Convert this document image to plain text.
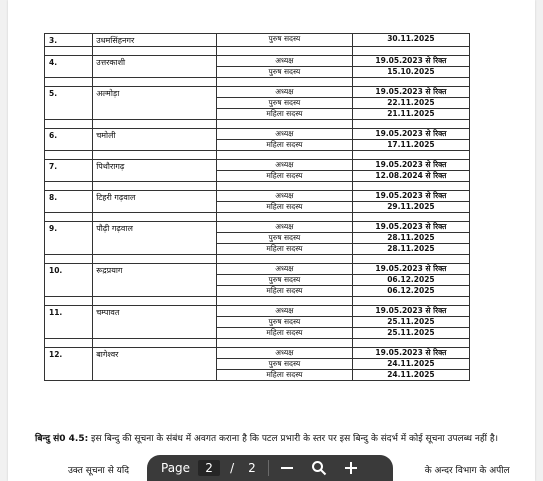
3.	उधमसिंहनगर	पुरुष सदस्य	30.11.2025

4.	उत्तरकाशी	अध्यक्ष	19.05.2023 से रिक्त
		पुरुष सदस्य	15.10.2025

5.	अल्मोड़ा	अध्यक्ष	19.05.2023 से रिक्त
		पुरुष सदस्य	22.11.2025
		महिला सदस्य	21.11.2025

6.	चमोली	अध्यक्ष	19.05.2023 से रिक्त
		महिला सदस्य	17.11.2025

7.	पिथौरागढ़	अध्यक्ष	19.05.2023 से रिक्त
		महिला सदस्य	12.08.2024 से रिक्त

8.	टिहरी गढ़वाल	अध्यक्ष	19.05.2023 से रिक्त
		महिला सदस्य	29.11.2025

9.	पौढ़ी गढ़वाल	अध्यक्ष	19.05.2023 से रिक्त
		पुरुष सदस्य	28.11.2025
		महिला सदस्य	28.11.2025

10.	रूद्रप्रयाग	अध्यक्ष	19.05.2023 से रिक्त
		पुरुष सदस्य	06.12.2025
		महिला सदस्य	06.12.2025

11.	चम्पावत	अध्यक्ष	19.05.2023 से रिक्त
		पुरुष सदस्य	25.11.2025
		महिला सदस्य	25.11.2025

12.	बागेश्वर	अध्यक्ष	19.05.2023 से रिक्त
		पुरुष सदस्य	24.11.2025
		महिला सदस्य	24.11.2025
बिन्दु सं0 4.5: इस बिन्दु की सूचना के संबंध में अवगत कराना है कि पटल प्रभारी के स्तर पर इस बिन्दु के संदर्भ में कोई सूचना उपलब्ध नहीं है।
उक्त सूचना से यदि	के अन्दर विभाग के अपील
Page	2	/ 2
